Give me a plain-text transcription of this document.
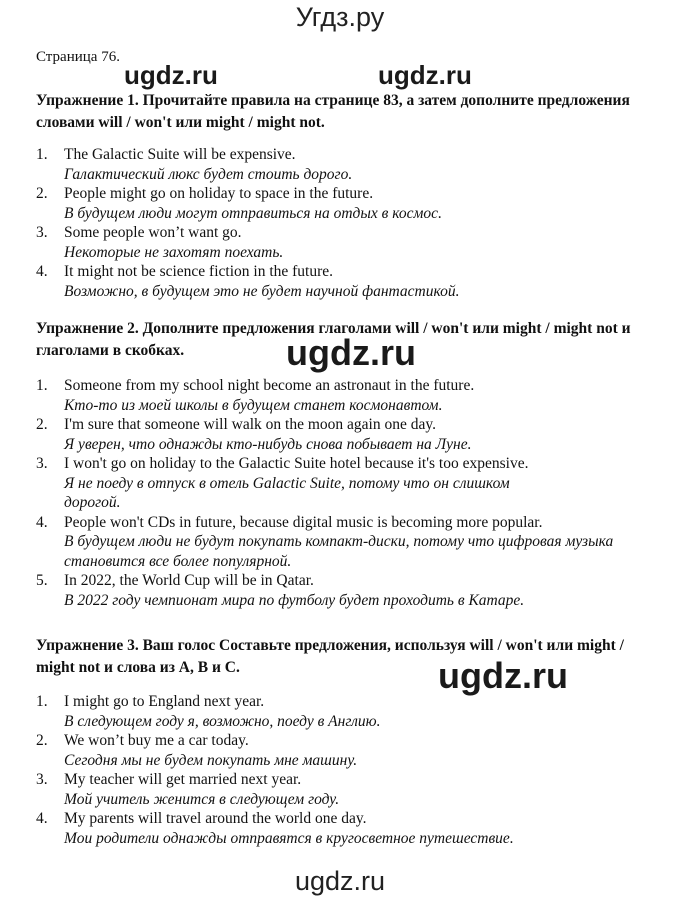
Угдз.ру
ugdz.ru	ugdz.ru
ugdz.ru
ugdz.ru
Страница 76.
Упражнение 1. Прочитайте правила на странице 83, а затем дополните предложения словами will / won't или might / might not.
1. The Galactic Suite will be expensive.
Галактический люкс будет стоить дорого.
2. People might go on holiday to space in the future.
В будущем люди могут отправиться на отдых в космос.
3. Some people won’t want go.
Некоторые не захотят поехать.
4. It might not be science fiction in the future.
Возможно, в будущем это не будет научной фантастикой.
Упражнение 2. Дополните предложения глаголами will / won't или might / might not и глаголами в скобках.
1. Someone from my school night become an astronaut in the future.
Кто-то из моей школы в будущем станет космонавтом.
2. I'm sure that someone will walk on the moon again one day.
Я уверен, что однажды кто-нибудь снова побывает на Луне.
3. I won't go on holiday to the Galactic Suite hotel because it's too expensive.
Я не поеду в отпуск в отель Galactic Suite, потому что он слишком дорогой.
4. People won't CDs in future, because digital music is becoming more popular.
В будущем люди не будут покупать компакт-диски, потому что цифровая музыка становится все более популярной.
5. In 2022, the World Cup will be in Qatar.
В 2022 году чемпионат мира по футболу будет проходить в Катаре.
Упражнение 3. Ваш голос Составьте предложения, используя will / won't или might / might not и слова из A, B и C.
1. I might go to England next year.
В следующем году я, возможно, поеду в Англию.
2. We won’t buy me a car today.
Сегодня мы не будем покупать мне машину.
3. My teacher will get married next year.
Мой учитель женится в следующем году.
4. My parents will travel around the world one day.
Мои родители однажды отправятся в кругосветное путешествие.
ugdz.ru
